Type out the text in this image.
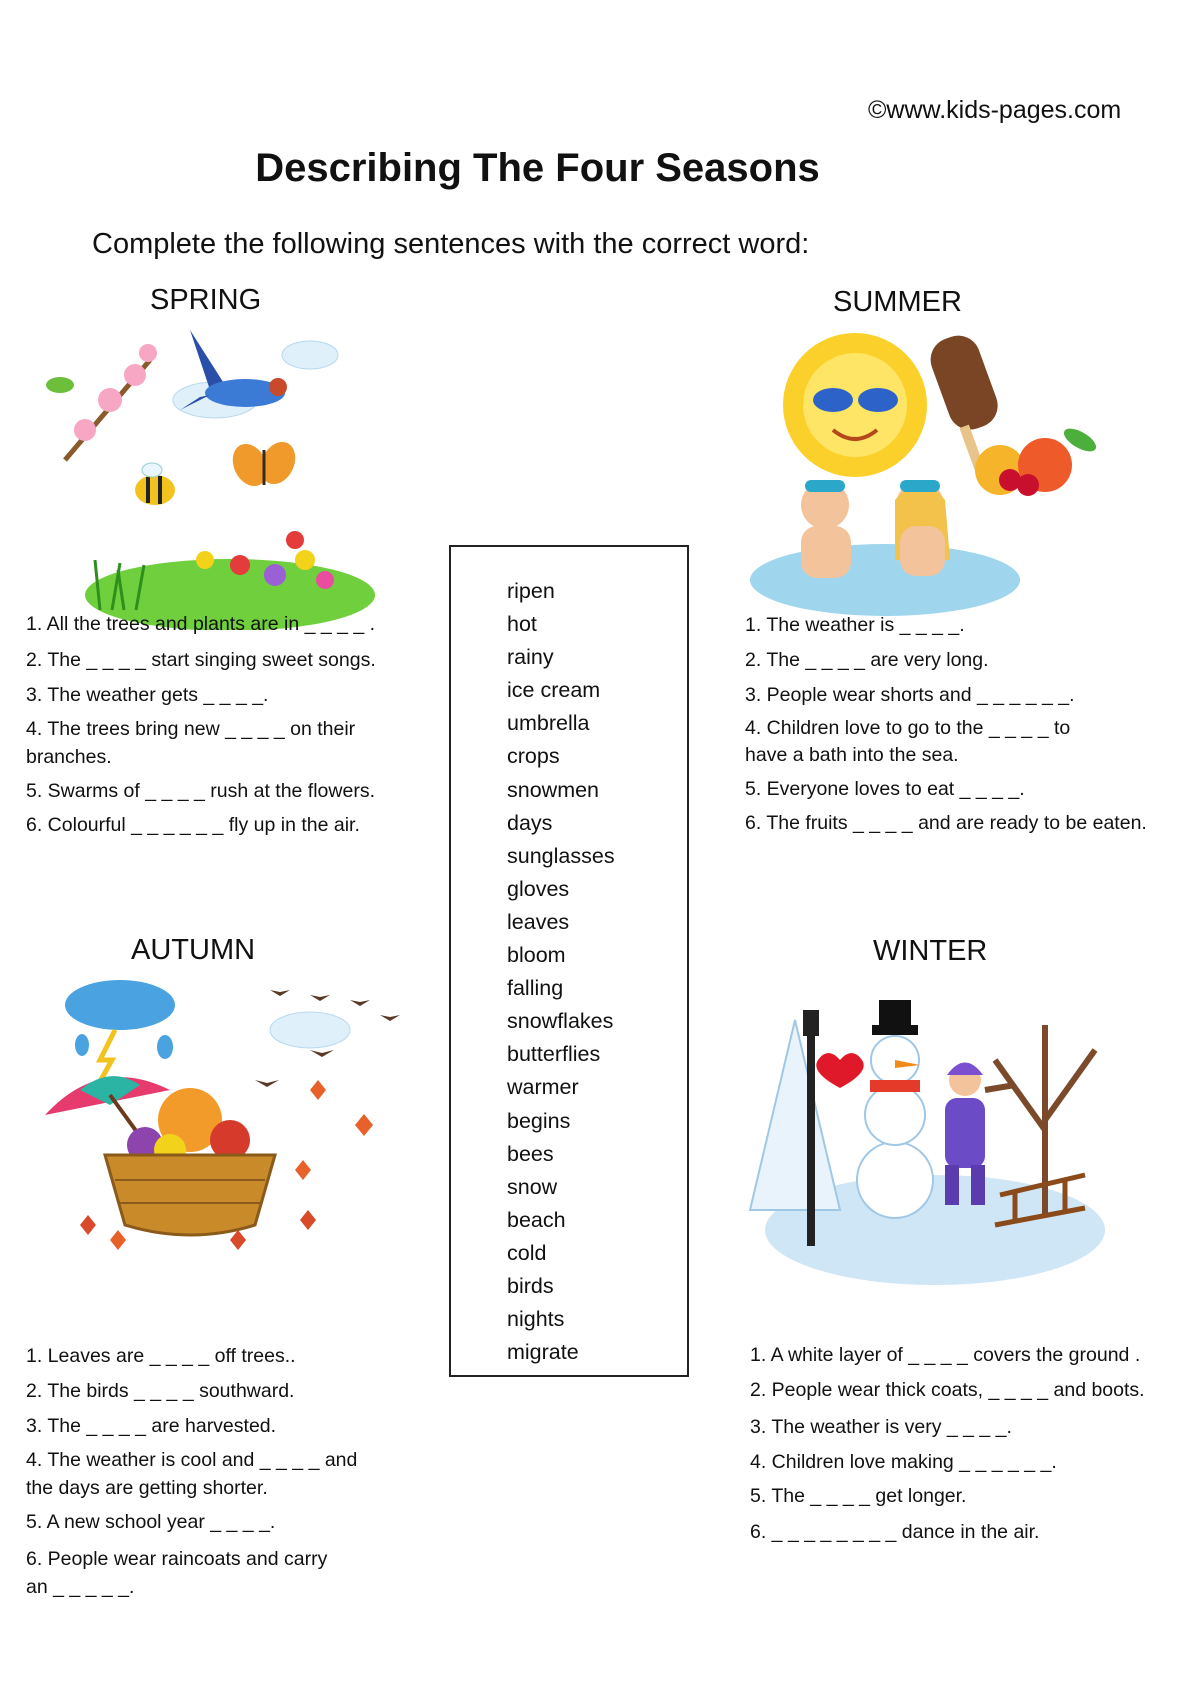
©www.kids-pages.com
Describing The Four Seasons
Complete the following sentences with the correct word:
SPRING
1. All the trees and plants are in _ _ _ _ .
2. The _ _ _ _ start singing sweet songs.
3. The weather gets _ _ _ _.
4. The trees bring new _ _ _ _ on their
branches.
5. Swarms of _ _ _ _ rush at the flowers.
6. Colourful _ _ _ _ _ _ fly up in the air.
SUMMER
1. The weather is _ _ _ _.
2. The _ _ _ _ are very long.
3. People wear shorts and _ _ _ _ _ _.
4. Children love to go to the _ _ _ _ to
have a bath into the sea.
5. Everyone loves to eat _ _ _ _.
6. The fruits _ _ _ _ and are ready to be eaten.
ripen
hot
rainy
ice cream
umbrella
crops
snowmen
days
sunglasses
gloves
leaves
bloom
falling
snowflakes
butterflies
warmer
begins
bees
snow
beach
cold
birds
nights
migrate
AUTUMN
1. Leaves are _ _ _ _ off trees..
2. The birds _ _ _ _ southward.
3. The _ _ _ _ are harvested.
4. The weather is cool and _ _ _ _ and
the days are getting shorter.
5. A new school year _ _ _ _.
6. People wear raincoats and carry
an _ _ _ _ _.
WINTER
1. A white layer of _ _ _ _ covers the ground .
2. People wear thick coats, _ _ _ _ and boots.
3. The weather is very _ _ _ _.
4. Children love making _ _ _ _ _ _.
5. The _ _ _ _ get longer.
6. _ _ _ _ _ _ _ _ dance in the air.
